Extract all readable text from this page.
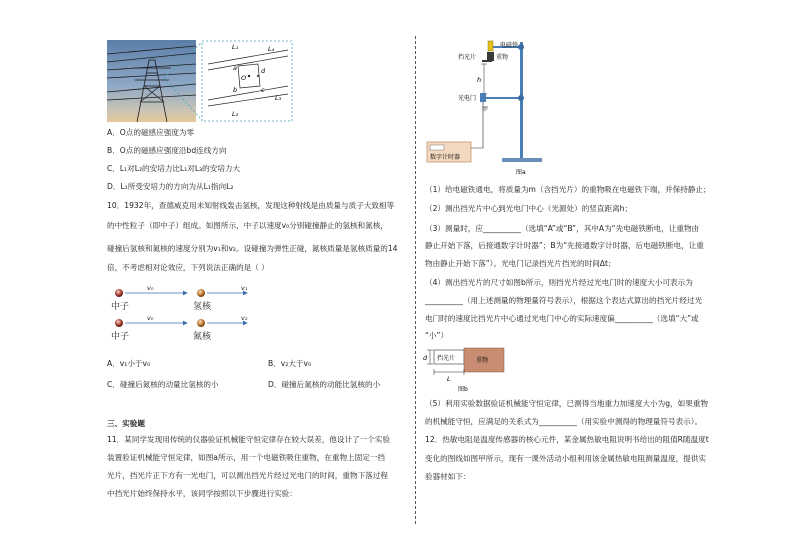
L₁	L₄
a	d
O
b	c
L₃
L₂
A．O点的磁感应强度为零
B．O点的磁感应强度沿bd连线方向
C．L₁对L₂的安培力比L₁对L₃的安培力大
D．L₁所受安培力的方向为从L₁指向L₂
10．1932年，查德威克用未知射线轰击氢核，发现这种射线是由质量与质子大致相等
的中性粒子（即中子）组成。如图所示，中子以速度v₀分别碰撞静止的氢核和氮核，
碰撞后氢核和氮核的速度分别为v₁和v₂。设碰撞为弹性正碰，氮核质量是氢核质量的14
倍，不考虑相对论效应，下列说法正确的是（ ）
v₀	v₁
中子	氢核
v₀	v₂
中子	氮核
A．v₁小于v₀	B．v₂大于v₀
C．碰撞后氮核的动量比氢核的小	D．碰撞后氮核的动能比氢核的小
三、实验题
11．某同学发现用传统的仪器验证机械能守恒定律存在较大误差，他设计了一个实验
装置验证机械能守恒定律，如图a所示，用一个电磁铁吸住重物，在重物上固定一挡
光片，挡光片正下方有一光电门，可以测出挡光片经过光电门的时间，重物下落过程
中挡光片始终保持水平，该同学按照以下步骤进行实验：
h
电磁铁
挡光片	重物
光电门
甲
数字计时器
图a
（1）给电磁铁通电，将质量为m（含挡光片）的重物吸在电磁铁下端，并保持静止；
（2）测出挡光片中心到光电门中心（光源处）的竖直距离h；
（3）测量时，应__________（选填“A”或“B”，其中A为“先电磁铁断电，让重物由
静止开始下落，后接通数字计时器”；B为“先接通数字计时器，后电磁铁断电，让重
物由静止开始下落”）。光电门记录挡光片挡光的时间Δt；
（4）测出挡光片的尺寸如图b所示，则挡光片经过光电门时的速度大小可表示为
__________（用上述测量的物理量符号表示），根据这个表达式算出的挡光片经过光
电门时的速度比挡光片中心通过光电门中心的实际速度偏__________（选填“大”或
“小”）
d 挡光片	重物
L
图b
（5）利用实验数据验证机械能守恒定律，已测得当地重力加速度大小为g，如果重物
的机械能守恒，应满足的关系式为__________（用实验中测得的物理量符号表示）。
12．热敏电阻是温度传感器的核心元件，某金属热敏电阻说明书给出的阻值R随温度t
变化的图线如图甲所示，现有一课外活动小组利用该金属热敏电阻测量温度，提供实
验器材如下：
